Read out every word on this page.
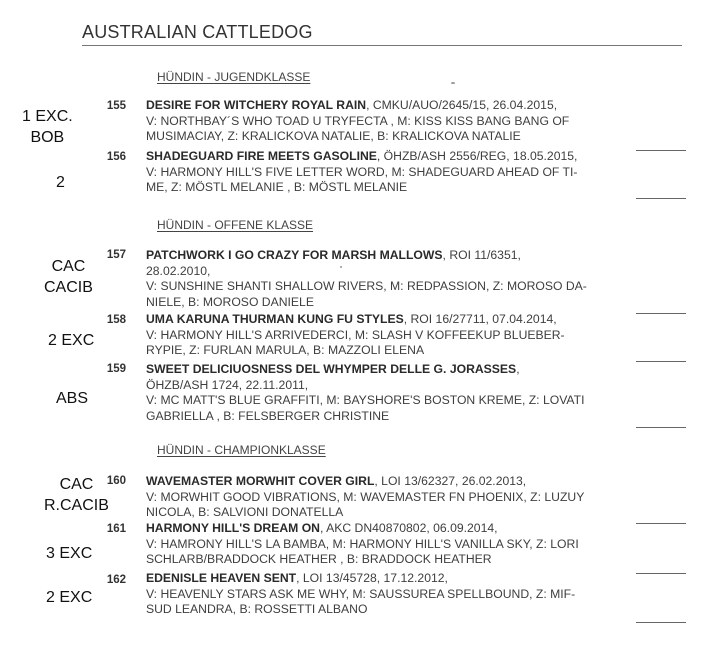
AUSTRALIAN CATTLEDOG
HÜNDIN - JUGENDKLASSE
155 DESIRE FOR WITCHERY ROYAL RAIN, CMKU/AUO/2645/15, 26.04.2015,
V: NORTHBAY´S WHO TOAD U TRYFECTA , M: KISS KISS BANG BANG OF
MUSIMACIAY, Z: KRALICKOVA NATALIE, B: KRALICKOVA NATALIE
1 EXC.
BOB
156 SHADEGUARD FIRE MEETS GASOLINE, ÖHZB/ASH 2556/REG, 18.05.2015,
V: HARMONY HILL'S FIVE LETTER WORD, M: SHADEGUARD AHEAD OF TI-
ME, Z: MÖSTL MELANIE , B: MÖSTL MELANIE
2
HÜNDIN - OFFENE KLASSE
157 PATCHWORK I GO CRAZY FOR MARSH MALLOWS, ROI 11/6351,
28.02.2010,
V: SUNSHINE SHANTI SHALLOW RIVERS, M: REDPASSION, Z: MOROSO DA-
NIELE, B: MOROSO DANIELE
CAC
CACIB
158 UMA KARUNA THURMAN KUNG FU STYLES, ROI 16/27711, 07.04.2014,
V: HARMONY HILL'S ARRIVEDERCI, M: SLASH V KOFFEEKUP BLUEBER-
RYPIE, Z: FURLAN MARULA, B: MAZZOLI ELENA
2 EXC
159 SWEET DELICIUOSNESS DEL WHYMPER DELLE G. JORASSES,
ÖHZB/ASH 1724, 22.11.2011,
V: MC MATT'S BLUE GRAFFITI, M: BAYSHORE'S BOSTON KREME, Z: LOVATI
GABRIELLA , B: FELSBERGER CHRISTINE
ABS
HÜNDIN - CHAMPIONKLASSE
160 WAVEMASTER MORWHIT COVER GIRL, LOI 13/62327, 26.02.2013,
V: MORWHIT GOOD VIBRATIONS, M: WAVEMASTER FN PHOENIX, Z: LUZUY
NICOLA, B: SALVIONI DONATELLA
CAC
R.CACIB
161 HARMONY HILL'S DREAM ON, AKC DN40870802, 06.09.2014,
V: HAMRONY HILL'S LA BAMBA, M: HARMONY HILL'S VANILLA SKY, Z: LORI
SCHLARB/BRADDOCK HEATHER , B: BRADDOCK HEATHER
3 EXC
162 EDENISLE HEAVEN SENT, LOI 13/45728, 17.12.2012,
V: HEAVENLY STARS ASK ME WHY, M: SAUSSUREA SPELLBOUND, Z: MIF-
SUD LEANDRA, B: ROSSETTI ALBANO
2 EXC
